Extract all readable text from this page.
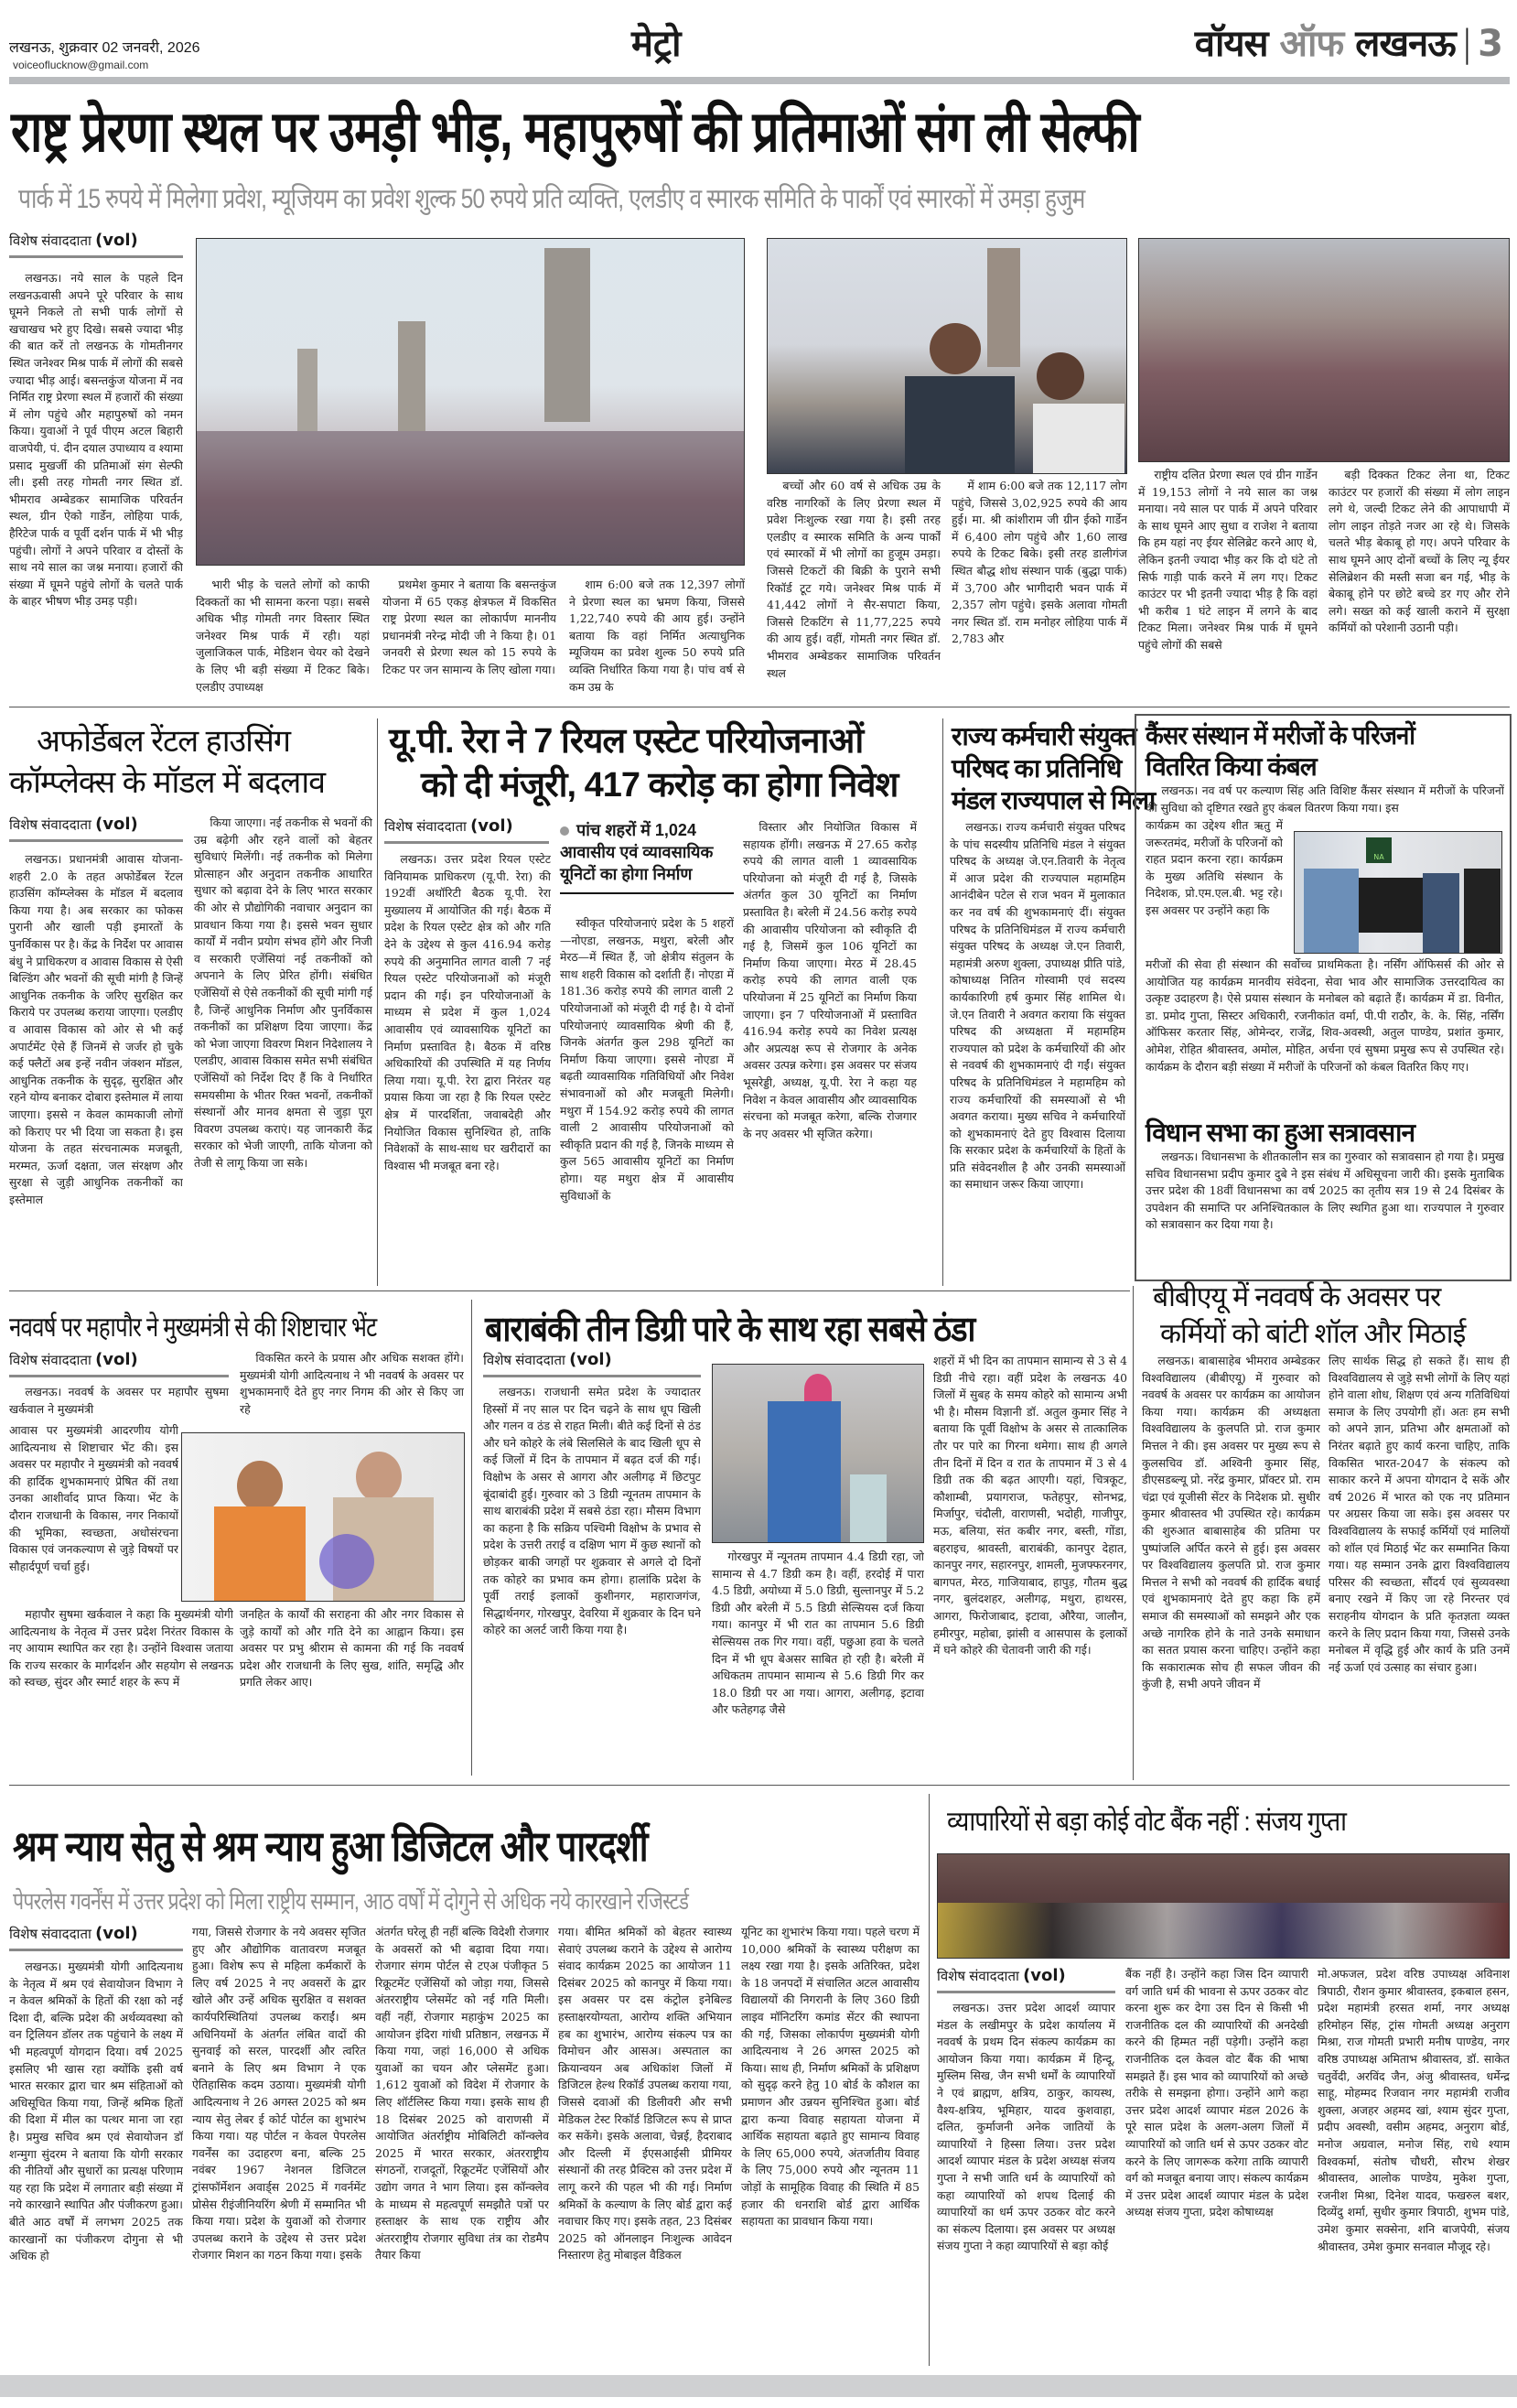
लखनऊ, शुक्रवार 02 जनवरी, 2026
voiceoflucknow@gmail.com
मेट्रो	वॉयस ऑफ लखनऊ | 3
राष्ट्र प्रेरणा स्थल पर उमड़ी भीड़, महापुरुषों की प्रतिमाओं संग ली सेल्फी
पार्क में 15 रुपये में मिलेगा प्रवेश, म्यूजियम का प्रवेश शुल्क 50 रुपये प्रति व्यक्ति, एलडीए व स्मारक समिति के पार्कों एवं स्मारकों में उमड़ा हुजुम
विशेष संवाददाता (vol)

लखनऊ। नये साल के पहले दिन लखनऊवासी अपने पूरे परिवार के साथ घूमने निकले तो सभी पार्क लोगों से खचाखच भरे हुए दिखे। सबसे ज्यादा भीड़ की बात करें तो लखनऊ के गोमतीनगर स्थित जनेश्वर मिश्र पार्क में लोगों की सबसे ज्यादा भीड़ आई। बसन्तकुंज योजना में नव निर्मित राष्ट्र प्रेरणा स्थल में हजारों की संख्या में लोग पहुंचे और महापुरुषों को नमन किया। युवाओं ने पूर्व पीएम अटल बिहारी वाजपेयी, पं. दीन दयाल उपाध्याय व श्यामा प्रसाद मुखर्जी की प्रतिमाओं संग सेल्फी ली। इसी तरह गोमती नगर स्थित डॉ. भीमराव अम्बेडकर सामाजिक परिवर्तन स्थल, ग्रीन ऐको गार्डेन, लोहिया पार्क, हैरिटेज पार्क व पूर्वी दर्शन पार्क में भी भीड़ पहुंची। लोगों ने अपने परिवार व दोस्तों के साथ नये साल का जश्न मनाया। हजारों की संख्या में घूमने पहुंचे लोगों के चलते पार्क के बाहर भीषण भीड़ उमड़ पड़ी।

भारी भीड़ के चलते लोगों को काफी दिक्कतों का भी सामना करना पड़ा। सबसे अधिक भीड़ गोमती नगर विस्तार स्थित जनेश्वर मिश्र पार्क में रही। यहां जुलाजिकल पार्क, मेडिशन चेयर को देखने के लिए भी बड़ी संख्या में टिकट बिके। एलडीए उपाध्यक्ष

प्रथमेश कुमार ने बताया कि बसन्तकुंज योजना में 65 एकड़ क्षेत्रफल में विकसित राष्ट्र प्रेरणा स्थल का लोकार्पण माननीय प्रधानमंत्री नरेन्द्र मोदी जी ने किया है। 01 जनवरी से प्रेरणा स्थल को 15 रुपये के टिकट पर जन सामान्य के लिए खोला गया।

शाम 6:00 बजे तक 12,397 लोगों ने प्रेरणा स्थल का भ्रमण किया, जिससे 1,22,740 रुपये की आय हुई। उन्होंने बताया कि वहां निर्मित अत्याधुनिक म्यूजियम का प्रवेश शुल्क 50 रुपये प्रति व्यक्ति निर्धारित किया गया है। पांच वर्ष से कम उम्र के

बच्चों और 60 वर्ष से अधिक उम्र के वरिष्ठ नागरिकों के लिए प्रेरणा स्थल में प्रवेश निःशुल्क रखा गया है। इसी तरह एलडीए व स्मारक समिति के अन्य पार्कों एवं स्मारकों में भी लोगों का हुजूम उमड़ा। जिससे टिकटों की बिक्री के पुराने सभी रिकॉर्ड टूट गये। जनेश्वर मिश्र पार्क में 41,442 लोगों ने सैर-सपाटा किया, जिससे टिकटिंग से 11,77,225 रुपये की आय हुई। वहीं, गोमती नगर स्थित डॉ. भीमराव अम्बेडकर सामाजिक परिवर्तन स्थल

में शाम 6:00 बजे तक 12,117 लोग पहुंचे, जिससे 3,02,925 रुपये की आय हुई। मा. श्री कांशीराम जी ग्रीन ईको गार्डेन में 6,400 लोग पहुंचे और 1,60 लाख रुपये के टिकट बिके। इसी तरह डालीगंज स्थित बौद्ध शोध संस्थान पार्क (बुद्धा पार्क) में 3,700 और भागीदारी भवन पार्क में 2,357 लोग पहुंचे। इसके अलावा गोमती नगर स्थित डॉ. राम मनोहर लोहिया पार्क में 2,783 और

राष्ट्रीय दलित प्रेरणा स्थल एवं ग्रीन गार्डेन में 19,153 लोगों ने नये साल का जश्न मनाया। नये साल पर पार्क में अपने परिवार के साथ घूमने आए सुधा व राजेश ने बताया कि हम यहां नए ईयर सेलिब्रेट करने आए थे, लेकिन इतनी ज्यादा भीड़ कर कि दो घंटे तो सिर्फ गाड़ी पार्क करने में लग गए। टिकट काउंटर पर भी इतनी ज्यादा भीड़ है कि वहां भी करीब 1 घंटे लाइन में लगने के बाद टिकट मिला। जनेश्वर मिश्र पार्क में घूमने पहुंचे लोगों की सबसे

बड़ी दिक्कत टिकट लेना था, टिकट काउंटर पर हजारों की संख्या में लोग लाइन लगे थे, जल्दी टिकट लेने की आपाधापी में लोग लाइन तोड़ते नजर आ रहे थे। जिसके चलते भीड़ बेकाबू हो गए। अपने परिवार के साथ घूमने आए दोनों बच्चों के लिए न्यू ईयर सेलिब्रेशन की मस्ती सजा बन गई, भीड़ के बेकाबू होने पर छोटे बच्चे डर गए और रोने लगे। सख्त को कई खाली कराने में सुरक्षा कर्मियों को परेशानी उठानी पड़ी।

अफोर्डेबल रेंटल हाउसिंग
कॉम्प्लेक्स के मॉडल में बदलाव
विशेष संवाददाता (vol)

लखनऊ। प्रधानमंत्री आवास योजना-शहरी 2.0 के तहत अफोर्डेबल रेंटल हाउसिंग कॉम्प्लेक्स के मॉडल में बदलाव किया गया है। अब सरकार का फोकस पुरानी और खाली पड़ी इमारतों के पुनर्विकास पर है। केंद्र के निर्देश पर आवास बंधु ने प्राधिकरण व आवास विकास से ऐसी बिल्डिंग और भवनों की सूची मांगी है जिन्हें आधुनिक तकनीक के जरिए सुरक्षित कर किराये पर उपलब्ध कराया जाएगा। एलडीए व आवास विकास को ओर से भी कई अपार्टमेंट ऐसे हैं जिनमें से जर्जर हो चुके कई फ्लैटों अब इन्हें नवीन जंक्शन मॉडल, आधुनिक तकनीक के सुदृढ़, सुरक्षित और रहने योग्य बनाकर दोबारा इस्तेमाल में लाया जाएगा। इससे न केवल कामकाजी लोगों को किराए पर भी दिया जा सकता है। इस योजना के तहत संरचनात्मक मजबूती, मरम्मत, ऊर्जा दक्षता, जल संरक्षण और सुरक्षा से जुड़ी आधुनिक तकनीकों का इस्तेमाल

किया जाएगा। नई तकनीक से भवनों की उम्र बढ़ेगी और रहने वालों को बेहतर सुविधाएं मिलेंगी। नई तकनीक को मिलेगा प्रोत्साहन और अनुदान तकनीक आधारित सुधार को बढ़ावा देने के लिए भारत सरकार की ओर से प्रौद्योगिकी नवाचार अनुदान का प्रावधान किया गया है। इससे भवन सुधार कार्यों में नवीन प्रयोग संभव होंगे और निजी व सरकारी एजेंसियां नई तकनीकों को अपनाने के लिए प्रेरित होंगी। संबंधित एजेंसियों से ऐसे तकनीकों की सूची मांगी गई है, जिन्हें आधुनिक निर्माण और पुनर्विकास तकनीकों का प्रशिक्षण दिया जाएगा। केंद्र को भेजा जाएगा विवरण मिशन निदेशालय ने एलडीए, आवास विकास समेत सभी संबंधित एजेंसियों को निर्देश दिए हैं कि वे निर्धारित समयसीमा के भीतर रिक्त भवनों, तकनीकों संस्थानों और मानव क्षमता से जुड़ा पूरा विवरण उपलब्ध कराएं। यह जानकारी केंद्र सरकार को भेजी जाएगी, ताकि योजना को तेजी से लागू किया जा सके।

यू.पी. रेरा ने 7 रियल एस्टेट परियोजनाओं
को दी मंजूरी, 417 करोड़ का होगा निवेश
विशेष संवाददाता (vol)

लखनऊ। उत्तर प्रदेश रियल एस्टेट विनियामक प्राधिकरण (यू.पी. रेरा) की 192वीं अथॉरिटी बैठक यू.पी. रेरा मुख्यालय में आयोजित की गई। बैठक में प्रदेश के रियल एस्टेट क्षेत्र को और गति देने के उद्देश्य से कुल 416.94 करोड़ रुपये की अनुमानित लागत वाली 7 नई रियल एस्टेट परियोजनाओं को मंजूरी प्रदान की गई। इन परियोजनाओं के माध्यम से प्रदेश में कुल 1,024 आवासीय एवं व्यावसायिक यूनिटों का निर्माण प्रस्तावित है। बैठक में वरिष्ठ अधिकारियों की उपस्थिति में यह निर्णय लिया गया। यू.पी. रेरा द्वारा निरंतर यह प्रयास किया जा रहा है कि रियल एस्टेट क्षेत्र में पारदर्शिता, जवाबदेही और नियोजित विकास सुनिश्चित हो, ताकि निवेशकों के साथ-साथ घर खरीदारों का विश्वास भी मजबूत बना रहे।

पांच शहरों में 1,024 आवासीय एवं व्यावसायिक यूनिटों का होगा निर्माण

स्वीकृत परियोजनाएं प्रदेश के 5 शहरों—नोएडा, लखनऊ, मथुरा, बरेली और मेरठ—में स्थित हैं, जो क्षेत्रीय संतुलन के साथ शहरी विकास को दर्शाती हैं। नोएडा में 181.36 करोड़ रुपये की लागत वाली 2 परियोजनाओं को मंजूरी दी गई है। ये दोनों परियोजनाएं व्यावसायिक श्रेणी की हैं, जिनके अंतर्गत कुल 298 यूनिटों का निर्माण किया जाएगा। इससे नोएडा में बढ़ती व्यावसायिक गतिविधियों और निवेश संभावनाओं को और मजबूती मिलेगी। मथुरा में 154.92 करोड़ रुपये की लागत वाली 2 आवासीय परियोजनाओं को स्वीकृति प्रदान की गई है, जिनके माध्यम से कुल 565 आवासीय यूनिटों का निर्माण होगा। यह मथुरा क्षेत्र में आवासीय सुविधाओं के

विस्तार और नियोजित विकास में सहायक होंगी। लखनऊ में 27.65 करोड़ रुपये की लागत वाली 1 व्यावसायिक परियोजना को मंजूरी दी गई है, जिसके अंतर्गत कुल 30 यूनिटों का निर्माण प्रस्तावित है। बरेली में 24.56 करोड़ रुपये की आवासीय परियोजना को स्वीकृति दी गई है, जिसमें कुल 106 यूनिटों का निर्माण किया जाएगा। मेरठ में 28.45 करोड़ रुपये की लागत वाली एक परियोजना में 25 यूनिटों का निर्माण किया जाएगा। इन 7 परियोजनाओं में प्रस्तावित 416.94 करोड़ रुपये का निवेश प्रत्यक्ष और अप्रत्यक्ष रूप से रोजगार के अनेक अवसर उत्पन्न करेगा। इस अवसर पर संजय भूसरेड्डी, अध्यक्ष, यू.पी. रेरा ने कहा यह निवेश न केवल आवासीय और व्यावसायिक संरचना को मजबूत करेगा, बल्कि रोजगार के नए अवसर भी सृजित करेगा।

राज्य कर्मचारी संयुक्त
परिषद का प्रतिनिधि
मंडल राज्यपाल से मिला

लखनऊ। राज्य कर्मचारी संयुक्त परिषद के पांच सदस्यीय प्रतिनिधि मंडल ने संयुक्त परिषद के अध्यक्ष जे.एन.तिवारी के नेतृत्व में आज प्रदेश की राज्यपाल महामहिम आनंदीबेन पटेल से राज भवन में मुलाकात कर नव वर्ष की शुभकामनाएं दीं। संयुक्त परिषद के प्रतिनिधिमंडल में राज्य कर्मचारी संयुक्त परिषद के अध्यक्ष जे.एन तिवारी, महामंत्री अरुण शुक्ला, उपाध्यक्ष प्रीति पांडे, कोषाध्यक्ष नितिन गोस्वामी एवं सदस्य कार्यकारिणी हर्ष कुमार सिंह शामिल थे। जे.एन तिवारी ने अवगत कराया कि संयुक्त परिषद की अध्यक्षता में महामहिम राज्यपाल को प्रदेश के कर्मचारियों की ओर से नववर्ष की शुभकामनाएं दी गईं। संयुक्त परिषद के प्रतिनिधिमंडल ने महामहिम को राज्य कर्मचारियों की समस्याओं से भी अवगत कराया। मुख्य सचिव ने कर्मचारियों को शुभकामनाएं देते हुए विश्वास दिलाया कि सरकार प्रदेश के कर्मचारियों के हितों के प्रति संवेदनशील है और उनकी समस्याओं का समाधान जरूर किया जाएगा।

कैंसर संस्थान में मरीजों के परिजनों
वितरित किया कंबल

लखनऊ। नव वर्ष पर कल्याण सिंह अति विशिष्ट कैंसर संस्थान में मरीजों के परिजनों की सुविधा को दृष्टिगत रखते हुए कंबल वितरण किया गया। इस

कार्यक्रम का उद्देश्य शीत ऋतु में जरूरतमंद, मरीजों के परिजनों को राहत प्रदान करना रहा। कार्यक्रम के मुख्य अतिथि संस्थान के निदेशक, प्रो.एम.एल.बी. भट्ट रहे। इस अवसर पर उन्होंने कहा कि

NA

मरीजों की सेवा ही संस्थान की सर्वोच्च प्राथमिकता है। नर्सिंग ऑफिसर्स की ओर से आयोजित यह कार्यक्रम मानवीय संवेदना, सेवा भाव और सामाजिक उत्तरदायित्व का उत्कृष्ट उदाहरण है। ऐसे प्रयास संस्थान के मनोबल को बढ़ाते हैं। कार्यक्रम में डा. विनीत, डा. प्रमोद गुप्ता, सिस्टर अधिकारी, रजनीकांत वर्मा, पी.पी राठौर, के. के. सिंह, नर्सिंग ऑफिसर करतार सिंह, ओमेन्दर, राजेंद्र, शिव-अवस्थी, अतुल पाण्डेय, प्रशांत कुमार, ओमेश, रोहित श्रीवास्तव, अमोल, मोहित, अर्चना एवं सुषमा प्रमुख रूप से उपस्थित रहे। कार्यक्रम के दौरान बड़ी संख्या में मरीजों के परिजनों को कंबल वितरित किए गए।

विधान सभा का हुआ सत्रावसान

लखनऊ। विधानसभा के शीतकालीन सत्र का गुरुवार को सत्रावसान हो गया है। प्रमुख सचिव विधानसभा प्रदीप कुमार दुबे ने इस संबंध में अधिसूचना जारी की। इसके मुताबिक उत्तर प्रदेश की 18वीं विधानसभा का वर्ष 2025 का तृतीय सत्र 19 से 24 दिसंबर के उपवेशन की समाप्ति पर अनिश्चितकाल के लिए स्थगित हुआ था। राज्यपाल ने गुरुवार को सत्रावसान कर दिया गया है।

नववर्ष पर महापौर ने मुख्यमंत्री से की शिष्टाचार भेंट
विशेष संवाददाता (vol)

लखनऊ। नववर्ष के अवसर पर महापौर सुषमा खर्कवाल ने मुख्यमंत्री

आवास पर मुख्यमंत्री आदरणीय योगी आदित्यनाथ से शिष्टाचार भेंट की। इस अवसर पर महापौर ने मुख्यमंत्री को नववर्ष की हार्दिक शुभकामनाएं प्रेषित कीं तथा उनका आशीर्वाद प्राप्त किया। भेंट के दौरान राजधानी के विकास, नगर निकायों की भूमिका, स्वच्छता, अधोसंरचना विकास एवं जनकल्याण से जुड़े विषयों पर सौहार्दपूर्ण चर्चा हुई।

महापौर सुषमा खर्कवाल ने कहा कि मुख्यमंत्री योगी आदित्यनाथ के नेतृत्व में उत्तर प्रदेश निरंतर विकास के नए आयाम स्थापित कर रहा है। उन्होंने विश्वास जताया कि राज्य सरकार के मार्गदर्शन और सहयोग से लखनऊ को स्वच्छ, सुंदर और स्मार्ट शहर के रूप में

विकसित करने के प्रयास और अधिक सशक्त होंगे। मुख्यमंत्री योगी आदित्यनाथ ने भी नववर्ष के अवसर पर शुभकामनाएँ देते हुए नगर निगम की ओर से किए जा रहे

जनहित के कार्यों की सराहना की और नगर विकास से जुड़े कार्यों को और गति देने का आह्वान किया। इस अवसर पर प्रभु श्रीराम से कामना की गई कि नववर्ष प्रदेश और राजधानी के लिए सुख, शांति, समृद्धि और प्रगति लेकर आए।

बाराबंकी तीन डिग्री पारे के साथ रहा सबसे ठंडा
विशेष संवाददाता (vol)

लखनऊ। राजधानी समेत प्रदेश के ज्यादातर हिस्सों में नए साल पर दिन चढ़ने के साथ धूप खिली और गलन व ठंड से राहत मिली। बीते कई दिनों से ठंड और घने कोहरे के लंबे सिलसिले के बाद खिली धूप से कई जिलों में दिन के तापमान में बढ़त दर्ज की गई। विक्षोभ के असर से आगरा और अलीगढ़ में छिटपुट बूंदाबांदी हुई। गुरुवार को 3 डिग्री न्यूनतम तापमान के साथ बाराबंकी प्रदेश में सबसे ठंडा रहा। मौसम विभाग का कहना है कि सक्रिय पश्चिमी विक्षोभ के प्रभाव से प्रदेश के उत्तरी तराई व दक्षिण भाग में कुछ स्थानों को छोड़कर बाकी जगहों पर शुक्रवार से अगले दो दिनों तक कोहरे का प्रभाव कम होगा। हालांकि प्रदेश के पूर्वी तराई इलाकों कुशीनगर, महाराजगंज, सिद्धार्थनगर, गोरखपुर, देवरिया में शुक्रवार के दिन घने कोहरे का अलर्ट जारी किया गया है।

गोरखपुर में न्यूनतम तापमान 4.4 डिग्री रहा, जो सामान्य से 4.7 डिग्री कम है। वहीं, हरदोई में पारा 4.5 डिग्री, अयोध्या में 5.0 डिग्री, सुल्तानपुर में 5.2 डिग्री और बरेली में 5.5 डिग्री सेल्सियस दर्ज किया गया। कानपुर में भी रात का तापमान 5.6 डिग्री सेल्सियस तक गिर गया। वहीं, पछुआ हवा के चलते दिन में भी धूप बेअसर साबित हो रही है। बरेली में अधिकतम तापमान सामान्य से 5.6 डिग्री गिर कर 18.0 डिग्री पर आ गया। आगरा, अलीगढ़, इटावा और फतेहगढ़ जैसे

शहरों में भी दिन का तापमान सामान्य से 3 से 4 डिग्री नीचे रहा। वहीं प्रदेश के लखनऊ 40 जिलों में सुबह के समय कोहरे को सामान्य अभी भी है। मौसम विज्ञानी डॉ. अतुल कुमार सिंह ने बताया कि पूर्वी विक्षोभ के असर से तात्कालिक तौर पर पारे का गिरना थमेगा। साथ ही अगले तीन दिनों में दिन व रात के तापमान में 3 से 4 डिग्री तक की बढ़त आएगी। यहां, चित्रकूट, कौशाम्बी, प्रयागराज, फतेहपुर, सोनभद्र, मिर्जापुर, चंदौली, वाराणसी, भदोही, गाजीपुर, मऊ, बलिया, संत कबीर नगर, बस्ती, गोंडा, बहराइच, श्रावस्ती, बाराबंकी, कानपुर देहात, कानपुर नगर, सहारनपुर, शामली, मुजफ्फरनगर, बागपत, मेरठ, गाजियाबाद, हापुड़, गौतम बुद्ध नगर, बुलंदशहर, अलीगढ़, मथुरा, हाथरस, आगरा, फिरोजाबाद, इटावा, औरैया, जालौन, हमीरपुर, महोबा, झांसी व आसपास के इलाकों में घने कोहरे की चेतावनी जारी की गई।

बीबीएयू में नववर्ष के अवसर पर
कर्मियों को बांटी शॉल और मिठाई

लखनऊ। बाबासाहेब भीमराव अम्बेडकर विश्वविद्यालय (बीबीएयू) में गुरुवार को नववर्ष के अवसर पर कार्यक्रम का आयोजन किया गया। कार्यक्रम की अध्यक्षता विश्वविद्यालय के कुलपति प्रो. राज कुमार मित्तल ने की। इस अवसर पर मुख्य रूप से कुलसचिव डॉ. अश्विनी कुमार सिंह, डीएसडब्ल्यू प्रो. नरेंद्र कुमार, प्रॉक्टर प्रो. राम चंद्रा एवं यूजीसी सेंटर के निदेशक प्रो. सुधीर कुमार श्रीवास्तव भी उपस्थित रहे। कार्यक्रम की शुरुआत बाबासाहेब की प्रतिमा पर पुष्पांजलि अर्पित करने से हुई। इस अवसर पर विश्वविद्यालय कुलपति प्रो. राज कुमार मित्तल ने सभी को नववर्ष की हार्दिक बधाई एवं शुभकामनाएं देते हुए कहा कि हमें समाज की समस्याओं को समझने और एक अच्छे नागरिक होने के नाते उनके समाधान का सतत प्रयास करना चाहिए। उन्होंने कहा कि सकारात्मक सोच ही सफल जीवन की कुंजी है, सभी अपने जीवन में

लिए सार्थक सिद्ध हो सकते हैं। साथ ही विश्वविद्यालय से जुड़े सभी लोगों के लिए यहां होने वाला शोध, शिक्षण एवं अन्य गतिविधियां समाज के लिए उपयोगी हों। अतः हम सभी को अपने ज्ञान, प्रतिभा और क्षमताओं को निरंतर बढ़ाते हुए कार्य करना चाहिए, ताकि विकसित भारत-2047 के संकल्प को साकार करने में अपना योगदान दे सकें और वर्ष 2026 में भारत को एक नए प्रतिमान पर अग्रसर किया जा सके। इस अवसर पर विश्वविद्यालय के सफाई कर्मियों एवं मालियों को शॉल एवं मिठाई भेंट कर सम्मानित किया गया। यह सम्मान उनके द्वारा विश्वविद्यालय परिसर की स्वच्छता, सौंदर्य एवं सुव्यवस्था बनाए रखने में किए जा रहे निरन्तर एवं सराहनीय योगदान के प्रति कृतज्ञता व्यक्त करने के लिए प्रदान किया गया, जिससे उनके मनोबल में वृद्धि हुई और कार्य के प्रति उनमें नई ऊर्जा एवं उत्साह का संचार हुआ।

श्रम न्याय सेतु से श्रम न्याय हुआ डिजिटल और पारदर्शी
पेपरलेस गवर्नेंस में उत्तर प्रदेश को मिला राष्ट्रीय सम्मान, आठ वर्षों में दोगुने से अधिक नये कारखाने रजिस्टर्ड
विशेष संवाददाता (vol)

लखनऊ। मुख्यमंत्री योगी आदित्यनाथ के नेतृत्व में श्रम एवं सेवायोजन विभाग ने न केवल श्रमिकों के हितों की रक्षा को नई दिशा दी, बल्कि प्रदेश की अर्थव्यवस्था को वन ट्रिलियन डॉलर तक पहुंचाने के लक्ष्य में भी महत्वपूर्ण योगदान दिया। वर्ष 2025 इसलिए भी खास रहा क्योंकि इसी वर्ष भारत सरकार द्वारा चार श्रम संहिताओं को अधिसूचित किया गया, जिन्हें श्रमिक हितों की दिशा में मील का पत्थर माना जा रहा है। प्रमुख सचिव श्रम एवं सेवायोजन डॉ शन्मुगा सुंदरम ने बताया कि योगी सरकार की नीतियों और सुधारों का प्रत्यक्ष परिणाम यह रहा कि प्रदेश में लगातार बड़ी संख्या में नये कारखाने स्थापित और पंजीकरण हुआ। बीते आठ वर्षों में लगभग 2025 तक कारखानों का पंजीकरण दोगुना से भी अधिक हो

गया, जिससे रोजगार के नये अवसर सृजित हुए और औद्योगिक वातावरण मजबूत हुआ। विशेष रूप से महिला कर्मकारों के लिए वर्ष 2025 ने नए अवसरों के द्वार खोले और उन्हें अधिक सुरक्षित व सशक्त कार्यपरिस्थितियां उपलब्ध कराईं। श्रम अधिनियमों के अंतर्गत लंबित वादों की सुनवाई को सरल, पारदर्शी और त्वरित बनाने के लिए श्रम विभाग ने एक ऐतिहासिक कदम उठाया। मुख्यमंत्री योगी आदित्यनाथ ने 26 अगस्त 2025 को श्रम न्याय सेतु लेबर ई कोर्ट पोर्टल का शुभारंभ किया गया। यह पोर्टल न केवल पेपरलेस गवर्नेंस का उदाहरण बना, बल्कि 25 नवंबर 1967 नेशनल डिजिटल ट्रांसफॉर्मेशन अवार्ड्स 2025 में गवर्नमेंट प्रोसेस रीइंजीनियरिंग श्रेणी में सम्मानित भी किया गया। प्रदेश के युवाओं को रोजगार उपलब्ध कराने के उद्देश्य से उत्तर प्रदेश रोजगार मिशन का गठन किया गया। इसके

अंतर्गत घरेलू ही नहीं बल्कि विदेशी रोजगार के अवसरों को भी बढ़ावा दिया गया। रोजगार संगम पोर्टल से टएअ पंजीकृत 5 रिक्रूटमेंट एजेंसियों को जोड़ा गया, जिससे अंतरराष्ट्रीय प्लेसमेंट को नई गति मिली। वहीं नहीं, रोजगार महाकुंभ 2025 का आयोजन इंदिरा गांधी प्रतिष्ठान, लखनऊ में किया गया, जहां 16,000 से अधिक युवाओं का चयन और प्लेसमेंट हुआ। 1,612 युवाओं को विदेश में रोजगार के लिए शॉर्टलिस्ट किया गया। इसके साथ ही 18 दिसंबर 2025 को वाराणसी में आयोजित अंतर्राष्ट्रीय मोबिलिटी कॉन्क्लेव 2025 में भारत सरकार, अंतरराष्ट्रीय संगठनों, राजदूतों, रिक्रूटमेंट एजेंसियों और उद्योग जगत ने भाग लिया। इस कॉन्क्लेव के माध्यम से महत्वपूर्ण समझौते पत्रों पर हस्ताक्षर के साथ एक राष्ट्रीय और अंतरराष्ट्रीय रोजगार सुविधा तंत्र का रोडमैप तैयार किया

गया। बीमित श्रमिकों को बेहतर स्वास्थ्य सेवाएं उपलब्ध कराने के उद्देश्य से आरोग्य संवाद कार्यक्रम 2025 का आयोजन 11 दिसंबर 2025 को कानपुर में किया गया। इस अवसर पर दस कंट्रोल इनेबिल्ड हस्ताक्षरयोग्यता, आरोग्य शक्ति अभियान हब का शुभारंभ, आरोग्य संकल्प पत्र का विमोचन और आसअ। अस्पताल का क्रियान्वयन अब अधिकांश जिलों में डिजिटल हेल्थ रिकॉर्ड उपलब्ध कराया गया, जिससे दवाओं की डिलीवरी और सभी मेडिकल टेस्ट रिकॉर्ड डिजिटल रूप से प्राप्त कर सकेंगे। इसके अलावा, चेन्नई, हैदराबाद और दिल्ली में ईएसआईसी प्रीमियर संस्थानों की तरह प्रैक्टिस को उत्तर प्रदेश में लागू करने की पहल भी की गई। निर्माण श्रमिकों के कल्याण के लिए बोर्ड द्वारा कई नवाचार किए गए। इसके तहत, 23 दिसंबर 2025 को ऑनलाइन निःशुल्क आवेदन निस्तारण हेतु मोबाइल वैडिकल

यूनिट का शुभारंभ किया गया। पहले चरण में 10,000 श्रमिकों के स्वास्थ्य परीक्षण का लक्ष्य रखा गया है। इसके अतिरिक्त, प्रदेश के 18 जनपदों में संचालित अटल आवासीय विद्यालयों की निगरानी के लिए 360 डिग्री लाइव मॉनिटरिंग कमांड सेंटर की स्थापना की गई, जिसका लोकार्पण मुख्यमंत्री योगी आदित्यनाथ ने 26 अगस्त 2025 को किया। साथ ही, निर्माण श्रमिकों के प्रशिक्षण को सुदृढ़ करने हेतु 10 बोर्ड के कौशल का प्रमाणन और उन्नयन सुनिश्चित हुआ। बोर्ड द्वारा कन्या विवाह सहायता योजना में आर्थिक सहायता बढ़ाते हुए सामान्य विवाह के लिए 65,000 रुपये, अंतर्जातीय विवाह के लिए 75,000 रुपये और न्यूनतम 11 जोड़ों के सामूहिक विवाह की स्थिति में 85 हजार की धनराशि बोर्ड द्वारा आर्थिक सहायता का प्रावधान किया गया।

व्यापारियों से बड़ा कोई वोट बैंक नहीं : संजय गुप्ता
विशेष संवाददाता (vol)

लखनऊ। उत्तर प्रदेश आदर्श व्यापार मंडल के लखीमपुर के प्रदेश कार्यालय में नववर्ष के प्रथम दिन संकल्प कार्यक्रम का आयोजन किया गया। कार्यक्रम में हिन्दू, मुस्लिम सिख, जैन सभी धर्मों के व्यापारियों ने एवं ब्राह्मण, क्षत्रिय, ठाकुर, कायस्थ, वैश्य-क्षत्रिय, भूमिहार, यादव कुशवाहा, दलित, कुर्माजनी अनेक जातियों के व्यापारियों ने हिस्सा लिया। उत्तर प्रदेश आदर्श व्यापार मंडल के प्रदेश अध्यक्ष संजय गुप्ता ने सभी जाति धर्म के व्यापारियों को कहा व्यापारियों को शपथ दिलाई की व्यापारियों का धर्म ऊपर उठकर वोट करने का संकल्प दिलाया। इस अवसर पर अध्यक्ष संजय गुप्ता ने कहा व्यापारियों से बड़ा कोई

बैंक नहीं है। उन्होंने कहा जिस दिन व्यापारी वर्ग जाति धर्म की भावना से ऊपर उठकर वोट करना शुरू कर देगा उस दिन से किसी भी राजनीतिक दल की व्यापारियों की अनदेखी करने की हिम्मत नहीं पड़ेगी। उन्होंने कहा राजनीतिक दल केवल वोट बैंक की भाषा समझते हैं। इस भाव को व्यापारियों को अच्छे तरीके से समझना होगा। उन्होंने आगे कहा उत्तर प्रदेश आदर्श व्यापार मंडल 2026 के पूरे साल प्रदेश के अलग-अलग जिलों में व्यापारियों को जाति धर्म से ऊपर उठकर वोट करने के लिए जागरूक करेगा ताकि व्यापारी वर्ग को मजबूत बनाया जाए। संकल्प कार्यक्रम में उत्तर प्रदेश आदर्श व्यापार मंडल के प्रदेश अध्यक्ष संजय गुप्ता, प्रदेश कोषाध्यक्ष

मो.अफजल, प्रदेश वरिष्ठ उपाध्यक्ष अविनाश त्रिपाठी, रौशन कुमार श्रीवास्तव, इकबाल हसन, प्रदेश महामंत्री हरसत शर्मा, नगर अध्यक्ष हरिमोहन सिंह, ट्रांस गोमती अध्यक्ष अनुराग मिश्रा, राज गोमती प्रभारी मनीष पाण्डेय, नगर वरिष्ठ उपाध्यक्ष अमिताभ श्रीवास्तव, डॉ. साकेत चतुर्वेदी, अरविंद जैन, अंजु श्रीवास्तव, धर्मेन्द्र साहू, मोहम्मद रिजवान नगर महामंत्री राजीव शुक्ला, अजहर अहमद खां, श्याम सुंदर गुप्ता, प्रदीप अवस्थी, वसीम अहमद, अनुराग बोर्ड, मनोज अग्रवाल, मनोज सिंह, राधे श्याम विश्वकर्मा, संतोष चौधरी, सौरभ शेखर श्रीवास्तव, आलोक पाण्डेय, मुकेश गुप्ता, रजनीश मिश्रा, दिनेश यादव, फखरुल बशर, दिव्येंदु शर्मा, सुधीर कुमार त्रिपाठी, शुभम पांडे, उमेश कुमार सक्सेना, शनि बाजपेयी, संजय श्रीवास्तव, उमेश कुमार सनवाल मौजूद रहे।
